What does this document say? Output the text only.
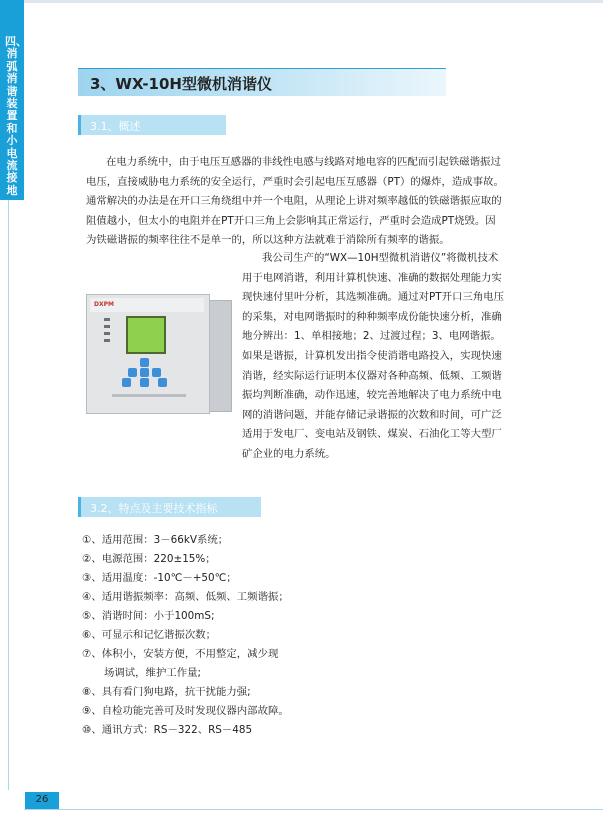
四、消弧消谐装置和小电流接地
3、WX-10H型微机消谐仪
3.1、概述

在电力系统中，由于电压互感器的非线性电感与线路对地电容的匹配而引起铁磁谐振过电压，直接威胁电力系统的安全运行，严重时会引起电压互感器（PT）的爆炸，造成事故。通常解决的办法是在开口三角绕组中并一个电阻，从理论上讲对频率越低的铁磁谐振应取的阻值越小，但太小的电阻并在PT开口三角上会影响其正常运行，严重时会造成PT烧毁。因为铁磁谐振的频率往往不是单一的，所以这种方法就难于消除所有频率的谐振。

我公司生产的“WX—10H型微机消谐仪”将微机技术用于电网消谐，利用计算机快速、准确的数据处理能力实现快速付里叶分析，其选频准确。通过对PT开口三角电压的采集，对电网谐振时的种种频率成份能快速分析，准确地分辨出：1、单相接地；2、过渡过程；3、电网谐振。如果是谐振，计算机发出指令使消谐电路投入，实现快速消谐，经实际运行证明本仪器对各种高频、低频、工频谐振均判断准确，动作迅速，较完善地解决了电力系统中电网的消谐问题，并能存储记录谐振的次数和时间，可广泛适用于发电厂、变电站及钢铁、煤炭、石油化工等大型厂矿企业的电力系统。

DXPM
3.2、特点及主要技术指标
①、适用范围：3－66kV系统；
②、电源范围：220±15%；
③、适用温度：-10℃－+50℃；
④、适用谐振频率：高频、低频、工频谐振；
⑤、消谐时间：小于100mS;
⑥、可显示和记忆谐振次数；
⑦、体积小，安装方便，不用整定，减少现
场调试，维护工作量;
⑧、具有看门狗电路，抗干扰能力强;
⑨、自检功能完善可及时发现仪器内部故障。
⑩、通讯方式：RS－322、RS－485
26
